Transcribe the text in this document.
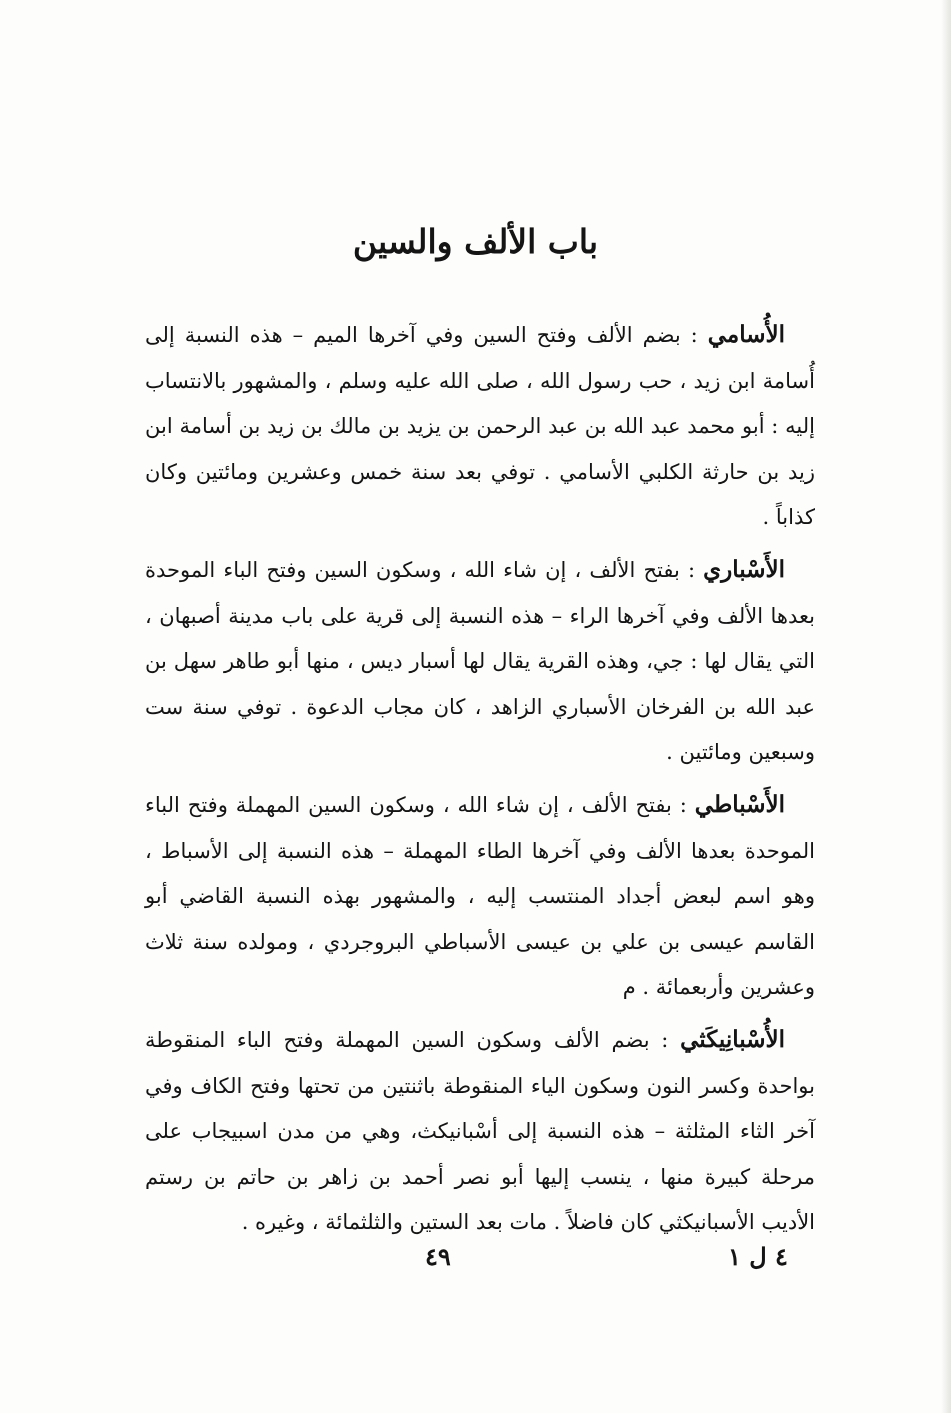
باب الألف والسين

الأُسامي : بضم الألف وفتح السين وفي آخرها الميم – هذه النسبة إلى أُسامة ابن زيد ، حب رسول الله ، صلى الله عليه وسلم ، والمشهور بالانتساب إليه : أبو محمد عبد الله بن عبد الرحمن بن يزيد بن مالك بن زيد بن أسامة ابن زيد بن حارثة الكلبي الأسامي . توفي بعد سنة خمس وعشرين ومائتين وكان كذاباً .

الأَسْباري : بفتح الألف ، إن شاء الله ، وسكون السين وفتح الباء الموحدة بعدها الألف وفي آخرها الراء – هذه النسبة إلى قرية على باب مدينة أصبهان ، التي يقال لها : جي، وهذه القرية يقال لها أسبار ديس ، منها أبو طاهر سهل بن عبد الله بن الفرخان الأسباري الزاهد ، كان مجاب الدعوة . توفي سنة ست وسبعين ومائتين .

الأَسْباطي : بفتح الألف ، إن شاء الله ، وسكون السين المهملة وفتح الباء الموحدة بعدها الألف وفي آخرها الطاء المهملة – هذه النسبة إلى الأسباط ، وهو اسم لبعض أجداد المنتسب إليه ، والمشهور بهذه النسبة القاضي أبو القاسم عيسى بن علي بن عيسى الأسباطي البروجردي ، ومولده سنة ثلاث وعشرين وأربعمائة . م

الأُسْبانِيكَثي : بضم الألف وسكون السين المهملة وفتح الباء المنقوطة بواحدة وكسر النون وسكون الياء المنقوطة باثنتين من تحتها وفتح الكاف وفي آخر الثاء المثلثة – هذه النسبة إلى أسْبانيكث، وهي من مدن اسبيجاب على مرحلة كبيرة منها ، ينسب إليها أبو نصر أحمد بن زاهر بن حاتم بن رستم الأديب الأسبانيكثي كان فاضلاً . مات بعد الستين والثلثمائة ، وغيره .

٤٩	٤ ل ١
